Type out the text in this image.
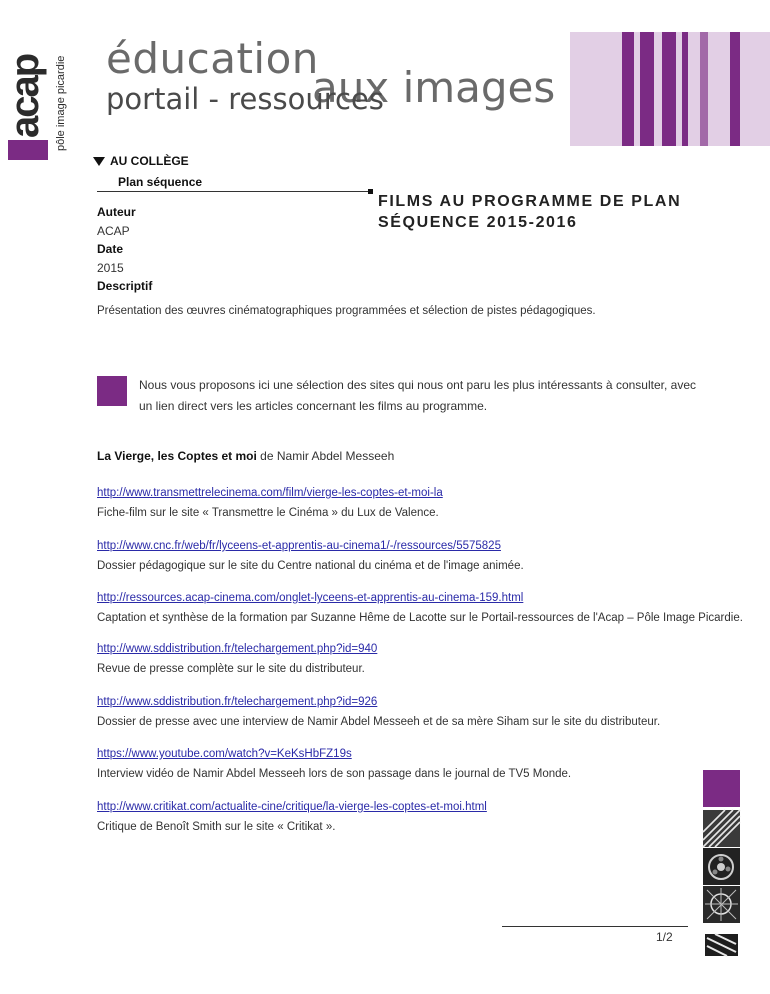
acap pôle image picardie éducation
aux images
portail - ressources
AU COLLÈGE
Plan séquence
FILMS AU PROGRAMME DE PLAN SÉQUENCE 2015-2016
Auteur
ACAP
Date
2015
Descriptif
Présentation des œuvres cinématographiques programmées et sélection de pistes pédagogiques.
Nous vous proposons ici une sélection des sites qui nous ont paru les plus intéressants à consulter, avec un lien direct vers les articles concernant les films au programme.
La Vierge, les Coptes et moi de Namir Abdel Messeeh
http://www.transmettrelecinema.com/film/vierge-les-coptes-et-moi-la
Fiche-film sur le site « Transmettre le Cinéma » du Lux de Valence.
http://www.cnc.fr/web/fr/lyceens-et-apprentis-au-cinema1/-/ressources/5575825
Dossier pédagogique sur le site du Centre national du cinéma et de l'image animée.
http://ressources.acap-cinema.com/onglet-lyceens-et-apprentis-au-cinema-159.html
Captation et synthèse de la formation par Suzanne Hême de Lacotte sur le Portail-ressources de l'Acap – Pôle Image Picardie.
http://www.sddistribution.fr/telechargement.php?id=940
Revue de presse complète sur le site du distributeur.
http://www.sddistribution.fr/telechargement.php?id=926
Dossier de presse avec une interview de Namir Abdel Messeeh et de sa mère Siham sur le site du distributeur.
https://www.youtube.com/watch?v=KeKsHbFZ19s
Interview vidéo de Namir Abdel Messeeh lors de son passage dans le journal de TV5 Monde.
http://www.critikat.com/actualite-cine/critique/la-vierge-les-coptes-et-moi.html
Critique de Benoît Smith sur le site « Critikat ».
1/2
